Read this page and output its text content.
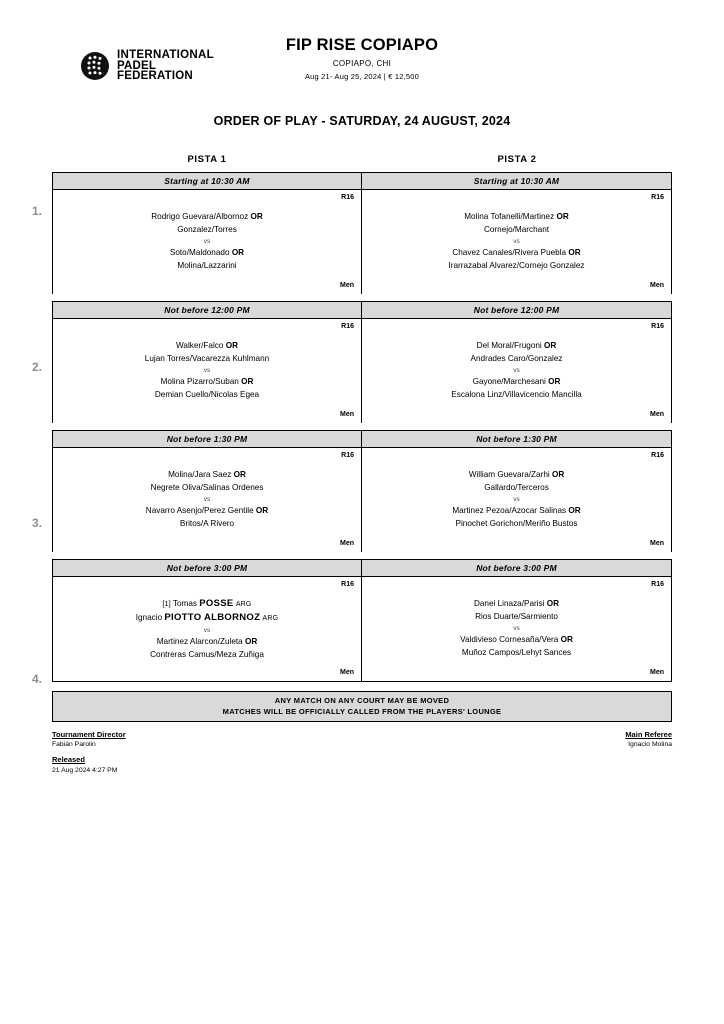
INTERNATIONAL
PADEL
FEDERATION
FIP RISE COPIAPO
COPIAPO, CHI
Aug 21- Aug 25, 2024 | € 12,500
ORDER OF PLAY - SATURDAY, 24 AUGUST, 2024
PISTA 1	PISTA 2
1.
Starting at 10:30 AM
R16
Rodrigo Guevara/Albornoz OR
Gonzalez/Torres
vs
Soto/Maldonado OR
Molina/Lazzarini
Men
Starting at 10:30 AM
R16
Molina Tofanelli/Martinez OR
Cornejo/Marchant
vs
Chavez Canales/Rivera Puebla OR
Irarrazabal Alvarez/Cornejo Gonzalez
Men
2.
Not before 12:00 PM
R16
Walker/Falco OR
Lujan Torres/Vacarezza Kuhlmann
vs
Molina Pizarro/Suban OR
Demian Cuello/Nicolas Egea
Men
Not before 12:00 PM
R16
Del Moral/Frugoni OR
Andrades Caro/Gonzalez
vs
Gayone/Marchesani OR
Escalona Linz/Villavicencio Mancilla
Men
3.
Not before 1:30 PM
R16
Molina/Jara Saez OR
Negrete Oliva/Salinas Ordenes
vs
Navarro Asenjo/Perez Gentile OR
Britos/A Rivero
Men
Not before 1:30 PM
R16
William Guevara/Zarhi OR
Gallardo/Terceros
vs
Martinez Pezoa/Azocar Salinas OR
Pinochet Gorichon/Meriño Bustos
Men
4.
Not before 3:00 PM
R16
[1] Tomas POSSE ARG
Ignacio PIOTTO ALBORNOZ ARG
vs
Martinez Alarcon/Zuleta OR
Contreras Camus/Meza Zuñiga
Men
Not before 3:00 PM
R16
Danei Linaza/Parisi OR
Rios Duarte/Sarmiento
vs
Valdivieso Cornesaña/Vera OR
Muñoz Campos/Lehyt Sances
Men
ANY MATCH ON ANY COURT MAY BE MOVED
MATCHES WILL BE OFFICIALLY CALLED FROM THE PLAYERS' LOUNGE
Tournament Director
Fabián Parolin
Released
21 Aug 2024 4:27 PM
Main Referee
Ignacio Molina
